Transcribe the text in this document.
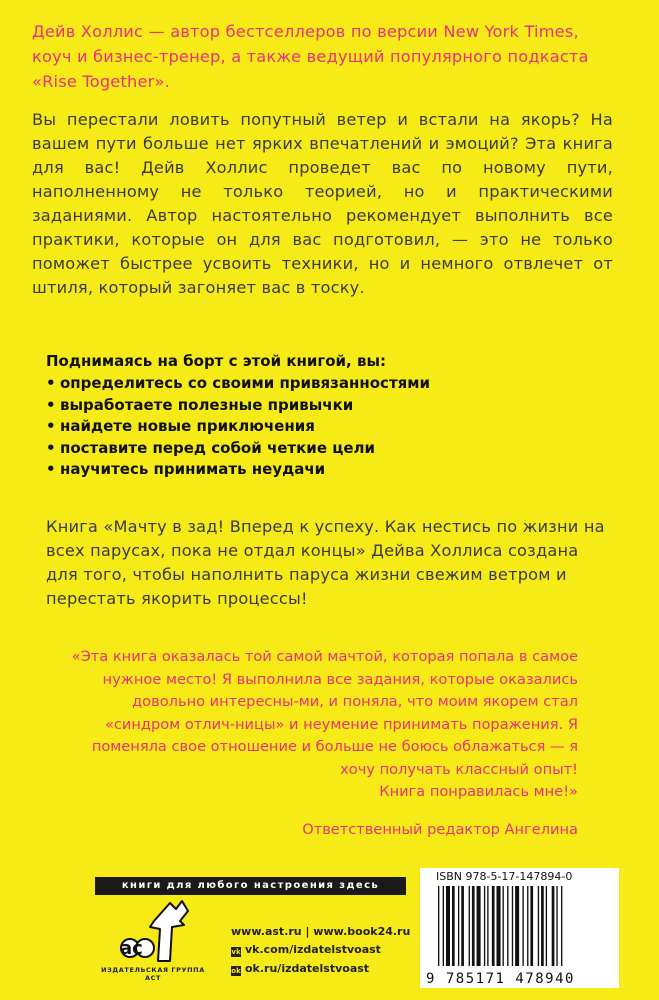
Дейв Холлис — автор бестселлеров по версии New York Times, коуч и бизнес-тренер, а также ведущий популярного подкаста «Rise Together».

Вы перестали ловить попутный ветер и встали на якорь? На вашем пути больше нет ярких впечатлений и эмоций? Эта книга для вас! Дейв Холлис проведет вас по новому пути, наполненному не только теорией, но и практическими заданиями. Автор настоятельно рекомендует выполнить все практики, которые он для вас подготовил, — это не только поможет быстрее усвоить техники, но и немного отвлечет от штиля, который загоняет вас в тоску.

Поднимаясь на борт с этой книгой, вы:
• определитесь со своими привязанностями
• выработаете полезные привычки
• найдете новые приключения
• поставите перед собой четкие цели
• научитесь принимать неудачи

Книга «Мачту в зад! Вперед к успеху. Как нестись по жизни на всех парусах, пока не отдал концы» Дейва Холлиса создана для того, чтобы наполнить паруса жизни свежим ветром и перестать якорить процессы!

«Эта книга оказалась той самой мачтой, которая попала в самое нужное место! Я выполнила все задания, которые оказались довольно интересны-ми, и поняла, что моим якорем стал «синдром отлич-ницы» и неумение принимать поражения. Я поменяла свое отношение и больше не боюсь облажаться — я хочу получать классный опыт!

Книга понравилась мне!»

Ответственный редактор Ангелина

книги для любого настроения здесь
ac
ИЗДАТЕЛЬСКАЯ ГРУППА АСТ
www.ast.ru | www.book24.ru
vk vk.com/izdatelstvoast
ok ok.ru/izdatelstvoast
ISBN 978-5-17-147894-0
9 785171 478940
